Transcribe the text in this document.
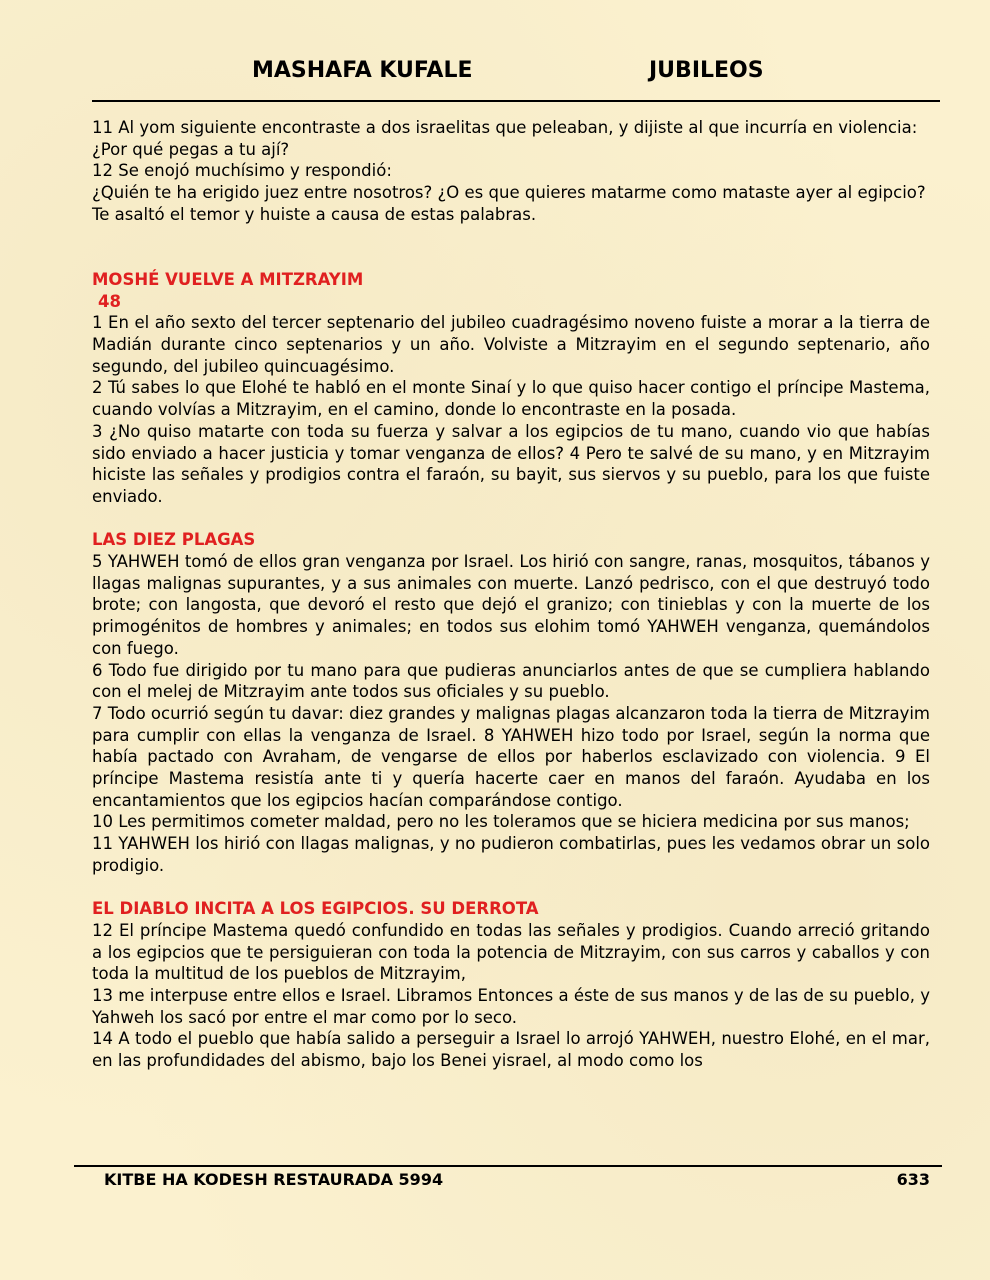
MASHAFA KUFALE	JUBILEOS

11 Al yom siguiente encontraste a dos israelitas que peleaban, y dijiste al que incurría en violencia:

¿Por qué pegas a tu ají?

12 Se enojó muchísimo y respondió:

¿Quién te ha erigido juez entre nosotros? ¿O es que quieres matarme como mataste ayer al egipcio?

Te asaltó el temor y huiste a causa de estas palabras.

MOSHÉ VUELVE A MITZRAYIM

48

1 En el año sexto del tercer septenario del jubileo cuadragésimo noveno fuiste a morar a la tierra de Madián durante cinco septenarios y un año. Volviste a Mitzrayim en el segundo septenario, año segundo, del jubileo quincuagésimo.

2 Tú sabes lo que Elohé te habló en el monte Sinaí y lo que quiso hacer contigo el príncipe Mastema, cuando volvías a Mitzrayim, en el camino, donde lo encontraste en la posada.

3 ¿No quiso matarte con toda su fuerza y salvar a los egipcios de tu mano, cuando vio que habías sido enviado a hacer justicia y tomar venganza de ellos? 4 Pero te salvé de su mano, y en Mitzrayim hiciste las señales y prodigios contra el faraón, su bayit, sus siervos y su pueblo, para los que fuiste enviado.

LAS DIEZ PLAGAS

5 YAHWEH tomó de ellos gran venganza por Israel. Los hirió con sangre, ranas, mosquitos, tábanos y llagas malignas supurantes, y a sus animales con muerte. Lanzó pedrisco, con el que destruyó todo brote; con langosta, que devoró el resto que dejó el granizo; con tinieblas y con la muerte de los primogénitos de hombres y animales; en todos sus elohim tomó YAHWEH venganza, quemándolos con fuego.

6 Todo fue dirigido por tu mano para que pudieras anunciarlos antes de que se cumpliera hablando con el melej de Mitzrayim ante todos sus oficiales y su pueblo.

7 Todo ocurrió según tu davar: diez grandes y malignas plagas alcanzaron toda la tierra de Mitzrayim para cumplir con ellas la venganza de Israel. 8 YAHWEH hizo todo por Israel, según la norma que había pactado con Avraham, de vengarse de ellos por haberlos esclavizado con violencia. 9 El príncipe Mastema resistía ante ti y quería hacerte caer en manos del faraón. Ayudaba en los encantamientos que los egipcios hacían comparándose contigo.

10 Les permitimos cometer maldad, pero no les toleramos que se hiciera medicina por sus manos;

11 YAHWEH los hirió con llagas malignas, y no pudieron combatirlas, pues les vedamos obrar un solo prodigio.

EL DIABLO INCITA A LOS EGIPCIOS. SU DERROTA

12 El príncipe Mastema quedó confundido en todas las señales y prodigios. Cuando arreció gritando a los egipcios que te persiguieran con toda la potencia de Mitzrayim, con sus carros y caballos y con toda la multitud de los pueblos de Mitzrayim,

13 me interpuse entre ellos e Israel. Libramos Entonces a éste de sus manos y de las de su pueblo, y Yahweh los sacó por entre el mar como por lo seco.

14 A todo el pueblo que había salido a perseguir a Israel lo arrojó YAHWEH, nuestro Elohé, en el mar, en las profundidades del abismo, bajo los Benei yisrael, al modo como los

KITBE HA KODESH RESTAURADA 5994	633
